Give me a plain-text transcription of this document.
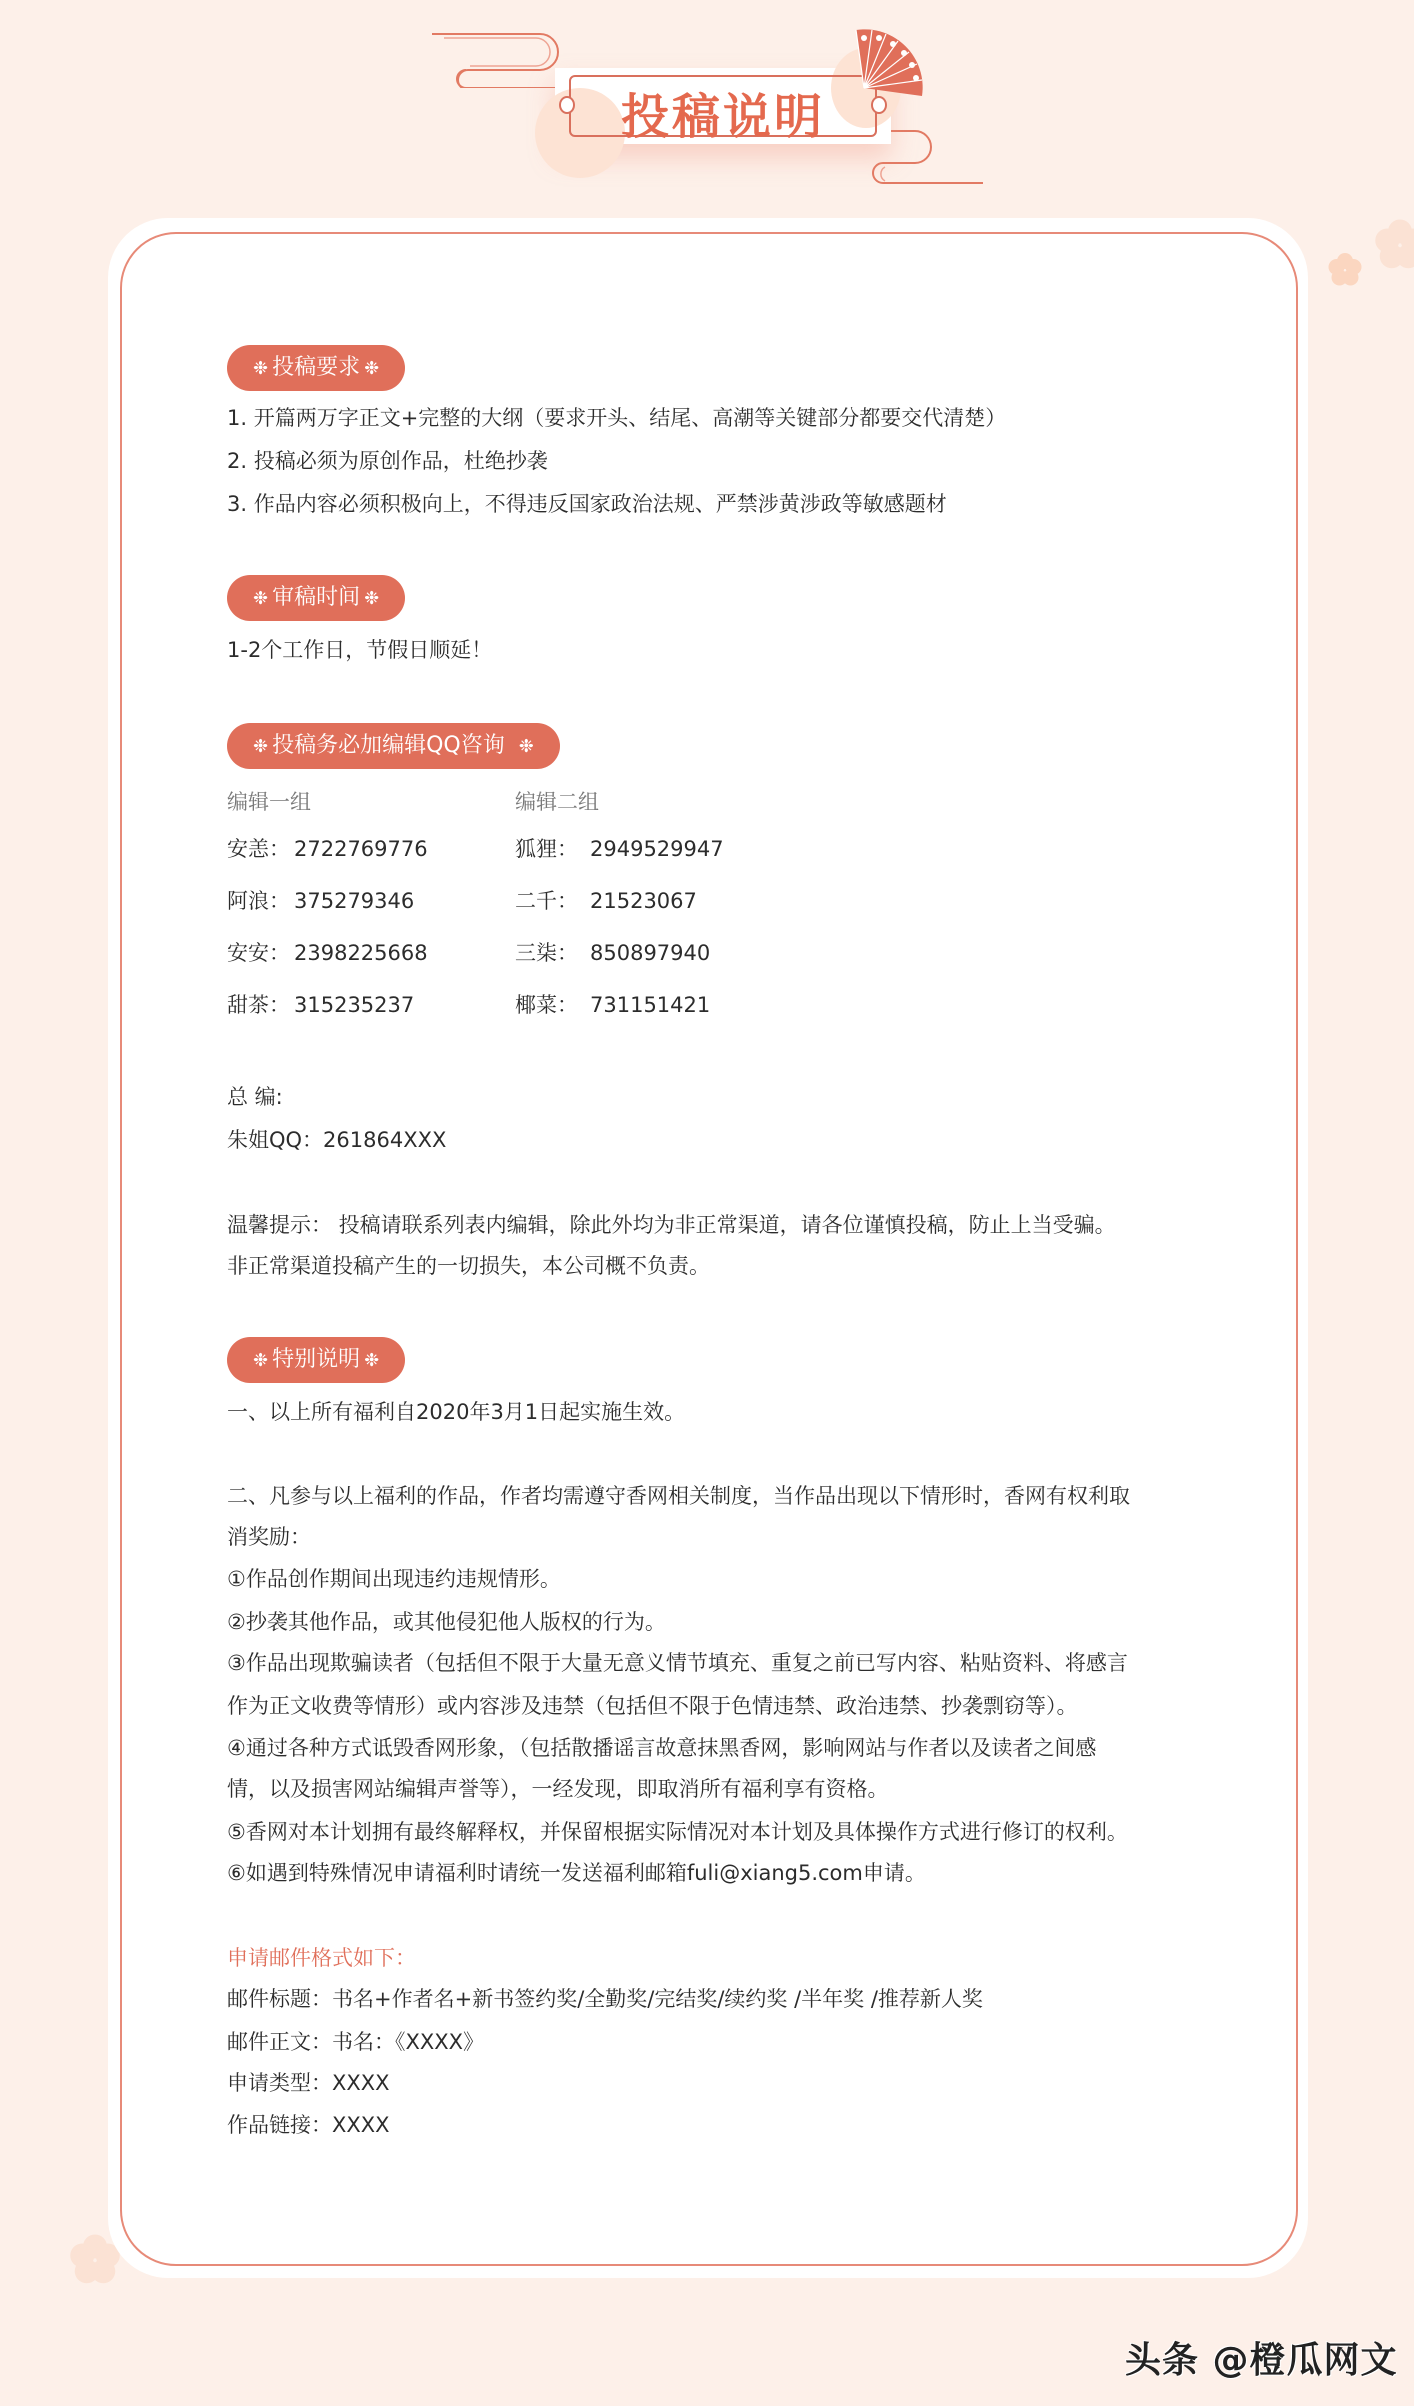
投稿说明
❉ 投稿要求 ❉
1. 开篇两万字正文+完整的大纲（要求开头、结尾、高潮等关键部分都要交代清楚）
2. 投稿必须为原创作品，杜绝抄袭
3. 作品内容必须积极向上，不得违反国家政治法规、严禁涉黄涉政等敏感题材
❉ 审稿时间 ❉
1-2个工作日，节假日顺延！
❉ 投稿务必加编辑QQ咨询 ❉
编辑一组	编辑二组
安恙： 2722769776
阿浪： 375279346
安安： 2398225668
甜茶： 315235237
狐狸： 2949529947
二千： 21523067
三柒： 850897940
椰菜： 731151421
总 编:
朱姐QQ：261864XXX
温馨提示： 投稿请联系列表内编辑，除此外均为非正常渠道，请各位谨慎投稿，防止上当受骗。
非正常渠道投稿产生的一切损失，本公司概不负责。
❉ 特别说明 ❉
一、以上所有福利自2020年3月1日起实施生效。
二、凡参与以上福利的作品，作者均需遵守香网相关制度，当作品出现以下情形时，香网有权利取
消奖励：
①作品创作期间出现违约违规情形。
②抄袭其他作品，或其他侵犯他人版权的行为。
③作品出现欺骗读者（包括但不限于大量无意义情节填充、重复之前已写内容、粘贴资料、将感言
作为正文收费等情形）或内容涉及违禁（包括但不限于色情违禁、政治违禁、抄袭剽窃等）。
④通过各种方式诋毁香网形象，（包括散播谣言故意抹黑香网，影响网站与作者以及读者之间感
情，以及损害网站编辑声誉等），一经发现，即取消所有福利享有资格。
⑤香网对本计划拥有最终解释权，并保留根据实际情况对本计划及具体操作方式进行修订的权利。
⑥如遇到特殊情况申请福利时请统一发送福利邮箱fuli@xiang5.com申请。
申请邮件格式如下：
邮件标题：书名+作者名+新书签约奖/全勤奖/完结奖/续约奖 /半年奖 /推荐新人奖
邮件正文：书名：《XXXX》
申请类型：XXXX
作品链接：XXXX
头条 @橙瓜网文
